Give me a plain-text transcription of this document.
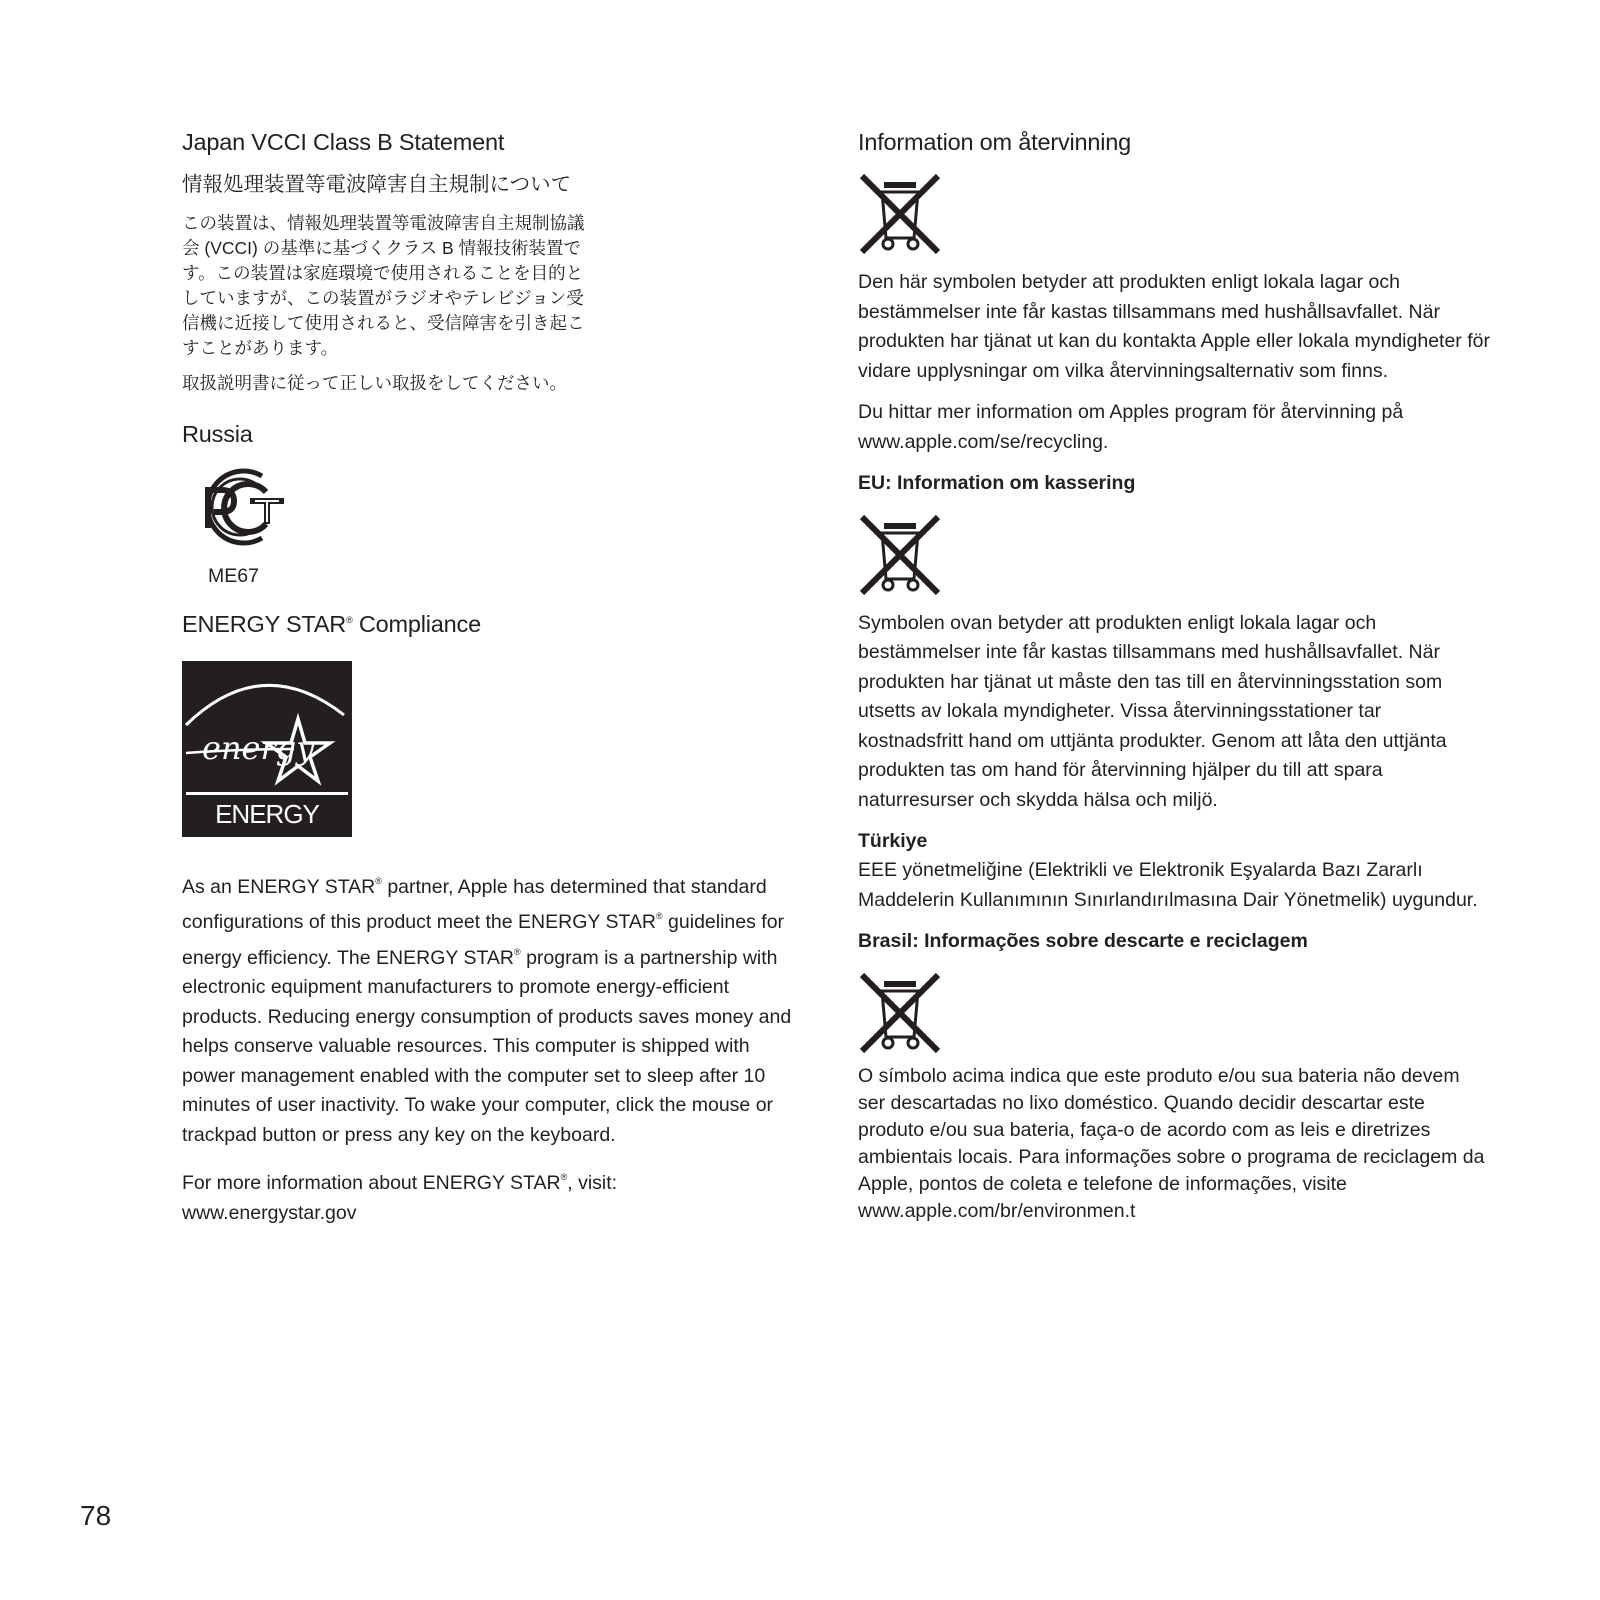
Japan VCCI Class B Statement
情報処理装置等電波障害自主規制について
この装置は、情報処理装置等電波障害自主規制協議
会 (VCCI) の基準に基づくクラス B 情報技術装置で
す。この装置は家庭環境で使用されることを目的と
していますが、この装置がラジオやテレビジョン受
信機に近接して使用されると、受信障害を引き起こ
すことがあります。
取扱説明書に従って正しい取扱をしてください。
Russia
ME67
ENERGY STAR® Compliance
energy
ENERGY STAR

As an ENERGY STAR® partner, Apple has determined that standard configurations of this product meet the ENERGY STAR® guidelines for energy efficiency. The ENERGY STAR® program is a partnership with electronic equipment manufacturers to promote energy-efficient products. Reducing energy consumption of products saves money and helps conserve valuable resources. This computer is shipped with power management enabled with the computer set to sleep after 10 minutes of user inactivity. To wake your computer, click the mouse or trackpad button or press any key on the keyboard.

For more information about ENERGY STAR®, visit:
www.energystar.gov

Information om återvinning

Den här symbolen betyder att produkten enligt lokala lagar och bestämmelser inte får kastas tillsammans med hushållsavfallet. När produkten har tjänat ut kan du kontakta Apple eller lokala myndigheter för vidare upplysningar om vilka återvinningsalternativ som finns.

Du hittar mer information om Apples program för återvinning på www.apple.com/se/recycling.

EU: Information om kassering

Symbolen ovan betyder att produkten enligt lokala lagar och bestämmelser inte får kastas tillsammans med hushållsavfallet. När produkten har tjänat ut måste den tas till en återvinningsstation som utsetts av lokala myndigheter. Vissa återvinningsstationer tar kostnadsfritt hand om uttjänta produkter. Genom att låta den uttjänta produkten tas om hand för återvinning hjälper du till att spara naturresurser och skydda hälsa och miljö.

Türkiye

EEE yönetmeliğine (Elektrikli ve Elektronik Eşyalarda Bazı Zararlı Maddelerin Kullanımının Sınırlandırılmasına Dair Yönetmelik) uygundur.

Brasil: Informações sobre descarte e reciclagem

O símbolo acima indica que este produto e/ou sua bateria não devem ser descartadas no lixo doméstico. Quando decidir descartar este produto e/ou sua bateria, faça-o de acordo com as leis e diretrizes ambientais locais. Para informações sobre o programa de reciclagem da Apple, pontos de coleta e telefone de informações, visite www.apple.com/br/environmen.t

78
